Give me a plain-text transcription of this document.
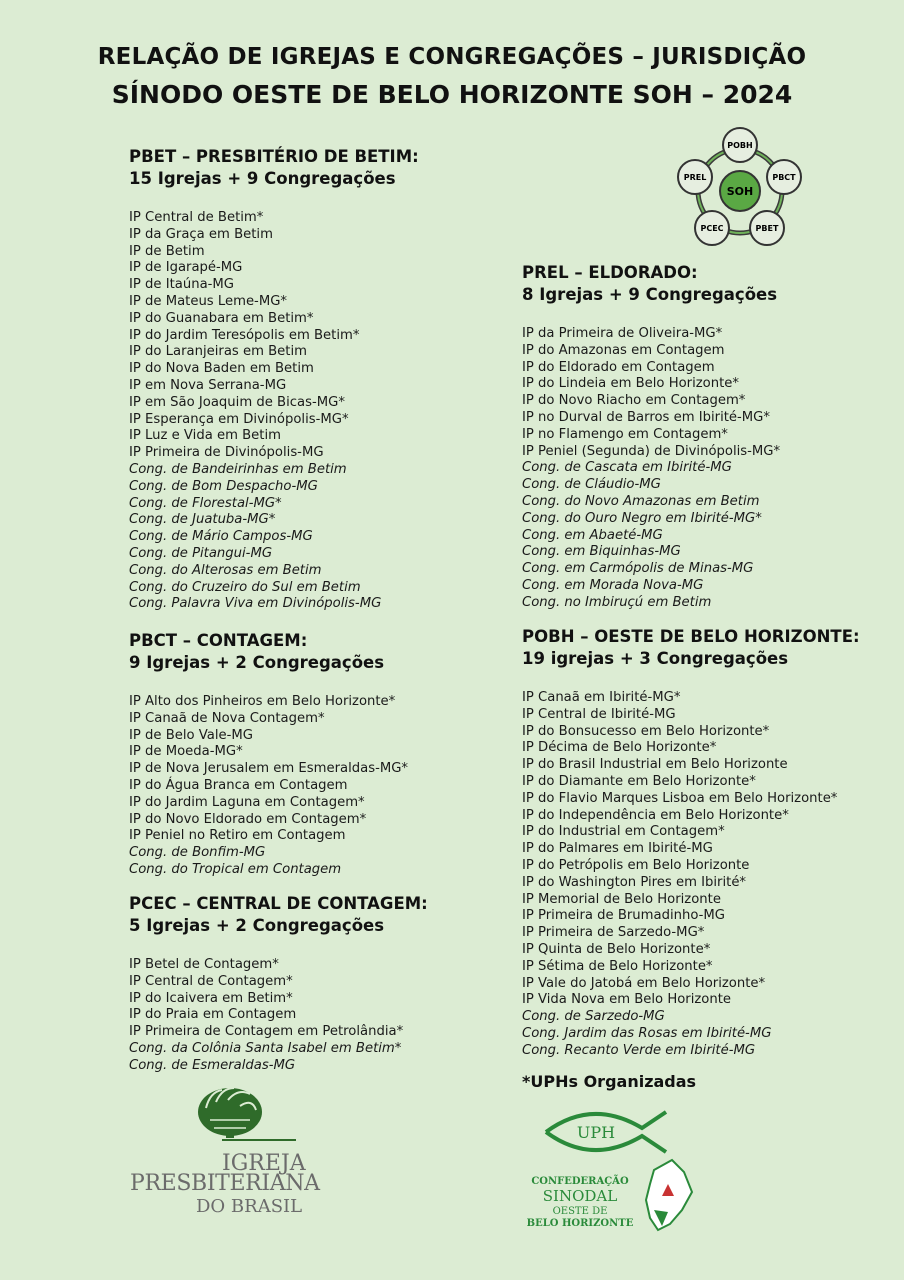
RELAÇÃO DE IGREJAS E CONGREGAÇÕES – JURISDIÇÃO
SÍNODO OESTE DE BELO HORIZONTE SOH – 2024
POBH
PBCT
PBET
PCEC
PREL
SOH

PBET – PRESBITÉRIO DE BETIM:

15 Igrejas + 9 Congregações

IP Central de Betim*
IP da Graça em Betim
IP de Betim
IP de Igarapé-MG
IP de Itaúna-MG
IP de Mateus Leme-MG*
IP do Guanabara em Betim*
IP do Jardim Teresópolis em Betim*
IP do Laranjeiras em Betim
IP do Nova Baden em Betim
IP em Nova Serrana-MG
IP em São Joaquim de Bicas-MG*
IP Esperança em Divinópolis-MG*
IP Luz e Vida em Betim
IP Primeira de Divinópolis-MG
Cong. de Bandeirinhas em Betim
Cong. de Bom Despacho-MG
Cong. de Florestal-MG*
Cong. de Juatuba-MG*
Cong. de Mário Campos-MG
Cong. de Pitangui-MG
Cong. do Alterosas em Betim
Cong. do Cruzeiro do Sul em Betim
Cong. Palavra Viva em Divinópolis-MG

PBCT – CONTAGEM:

9 Igrejas + 2 Congregações

IP Alto dos Pinheiros em Belo Horizonte*
IP Canaã de Nova Contagem*
IP de Belo Vale-MG
IP de Moeda-MG*
IP de Nova Jerusalem em Esmeraldas-MG*
IP do Água Branca em Contagem
IP do Jardim Laguna em Contagem*
IP do Novo Eldorado em Contagem*
IP Peniel no Retiro em Contagem
Cong. de Bonfim-MG
Cong. do Tropical em Contagem

PCEC – CENTRAL DE CONTAGEM:

5 Igrejas + 2 Congregações

IP Betel de Contagem*
IP Central de Contagem*
IP do Icaivera em Betim*
IP do Praia em Contagem
IP Primeira de Contagem em Petrolândia*
Cong. da Colônia Santa Isabel em Betim*
Cong. de Esmeraldas-MG

PREL – ELDORADO:

8 Igrejas + 9 Congregações

IP da Primeira de Oliveira-MG*
IP do Amazonas em Contagem
IP do Eldorado em Contagem
IP do Lindeia em Belo Horizonte*
IP do Novo Riacho em Contagem*
IP no Durval de Barros em Ibirité-MG*
IP no Flamengo em Contagem*
IP Peniel (Segunda) de Divinópolis-MG*
Cong. de Cascata em Ibirité-MG
Cong. de Cláudio-MG
Cong. do Novo Amazonas em Betim
Cong. do Ouro Negro em Ibirité-MG*
Cong. em Abaeté-MG
Cong. em Biquinhas-MG
Cong. em Carmópolis de Minas-MG
Cong. em Morada Nova-MG
Cong. no Imbiruçú em Betim

POBH – OESTE DE BELO HORIZONTE:

19 igrejas + 3 Congregações

IP Canaã em Ibirité-MG*
IP Central de Ibirité-MG
IP do Bonsucesso em Belo Horizonte*
IP Décima de Belo Horizonte*
IP do Brasil Industrial em Belo Horizonte
IP do Diamante em Belo Horizonte*
IP do Flavio Marques Lisboa em Belo Horizonte*
IP do Independência em Belo Horizonte*
IP do Industrial em Contagem*
IP do Palmares em Ibirité-MG
IP do Petrópolis em Belo Horizonte
IP do Washington Pires em Ibirité*
IP Memorial de Belo Horizonte
IP Primeira de Brumadinho-MG
IP Primeira de Sarzedo-MG*
IP Quinta de Belo Horizonte*
IP Sétima de Belo Horizonte*
IP Vale do Jatobá em Belo Horizonte*
IP Vida Nova em Belo Horizonte
Cong. de Sarzedo-MG
Cong. Jardim das Rosas em Ibirité-MG
Cong. Recanto Verde em Ibirité-MG

*UPHs Organizadas

IGREJA
PRESBITERIANA
DO BRASIL
UPH
CONFEDERAÇÃO
SINODAL
OESTE DE
BELO HORIZONTE
